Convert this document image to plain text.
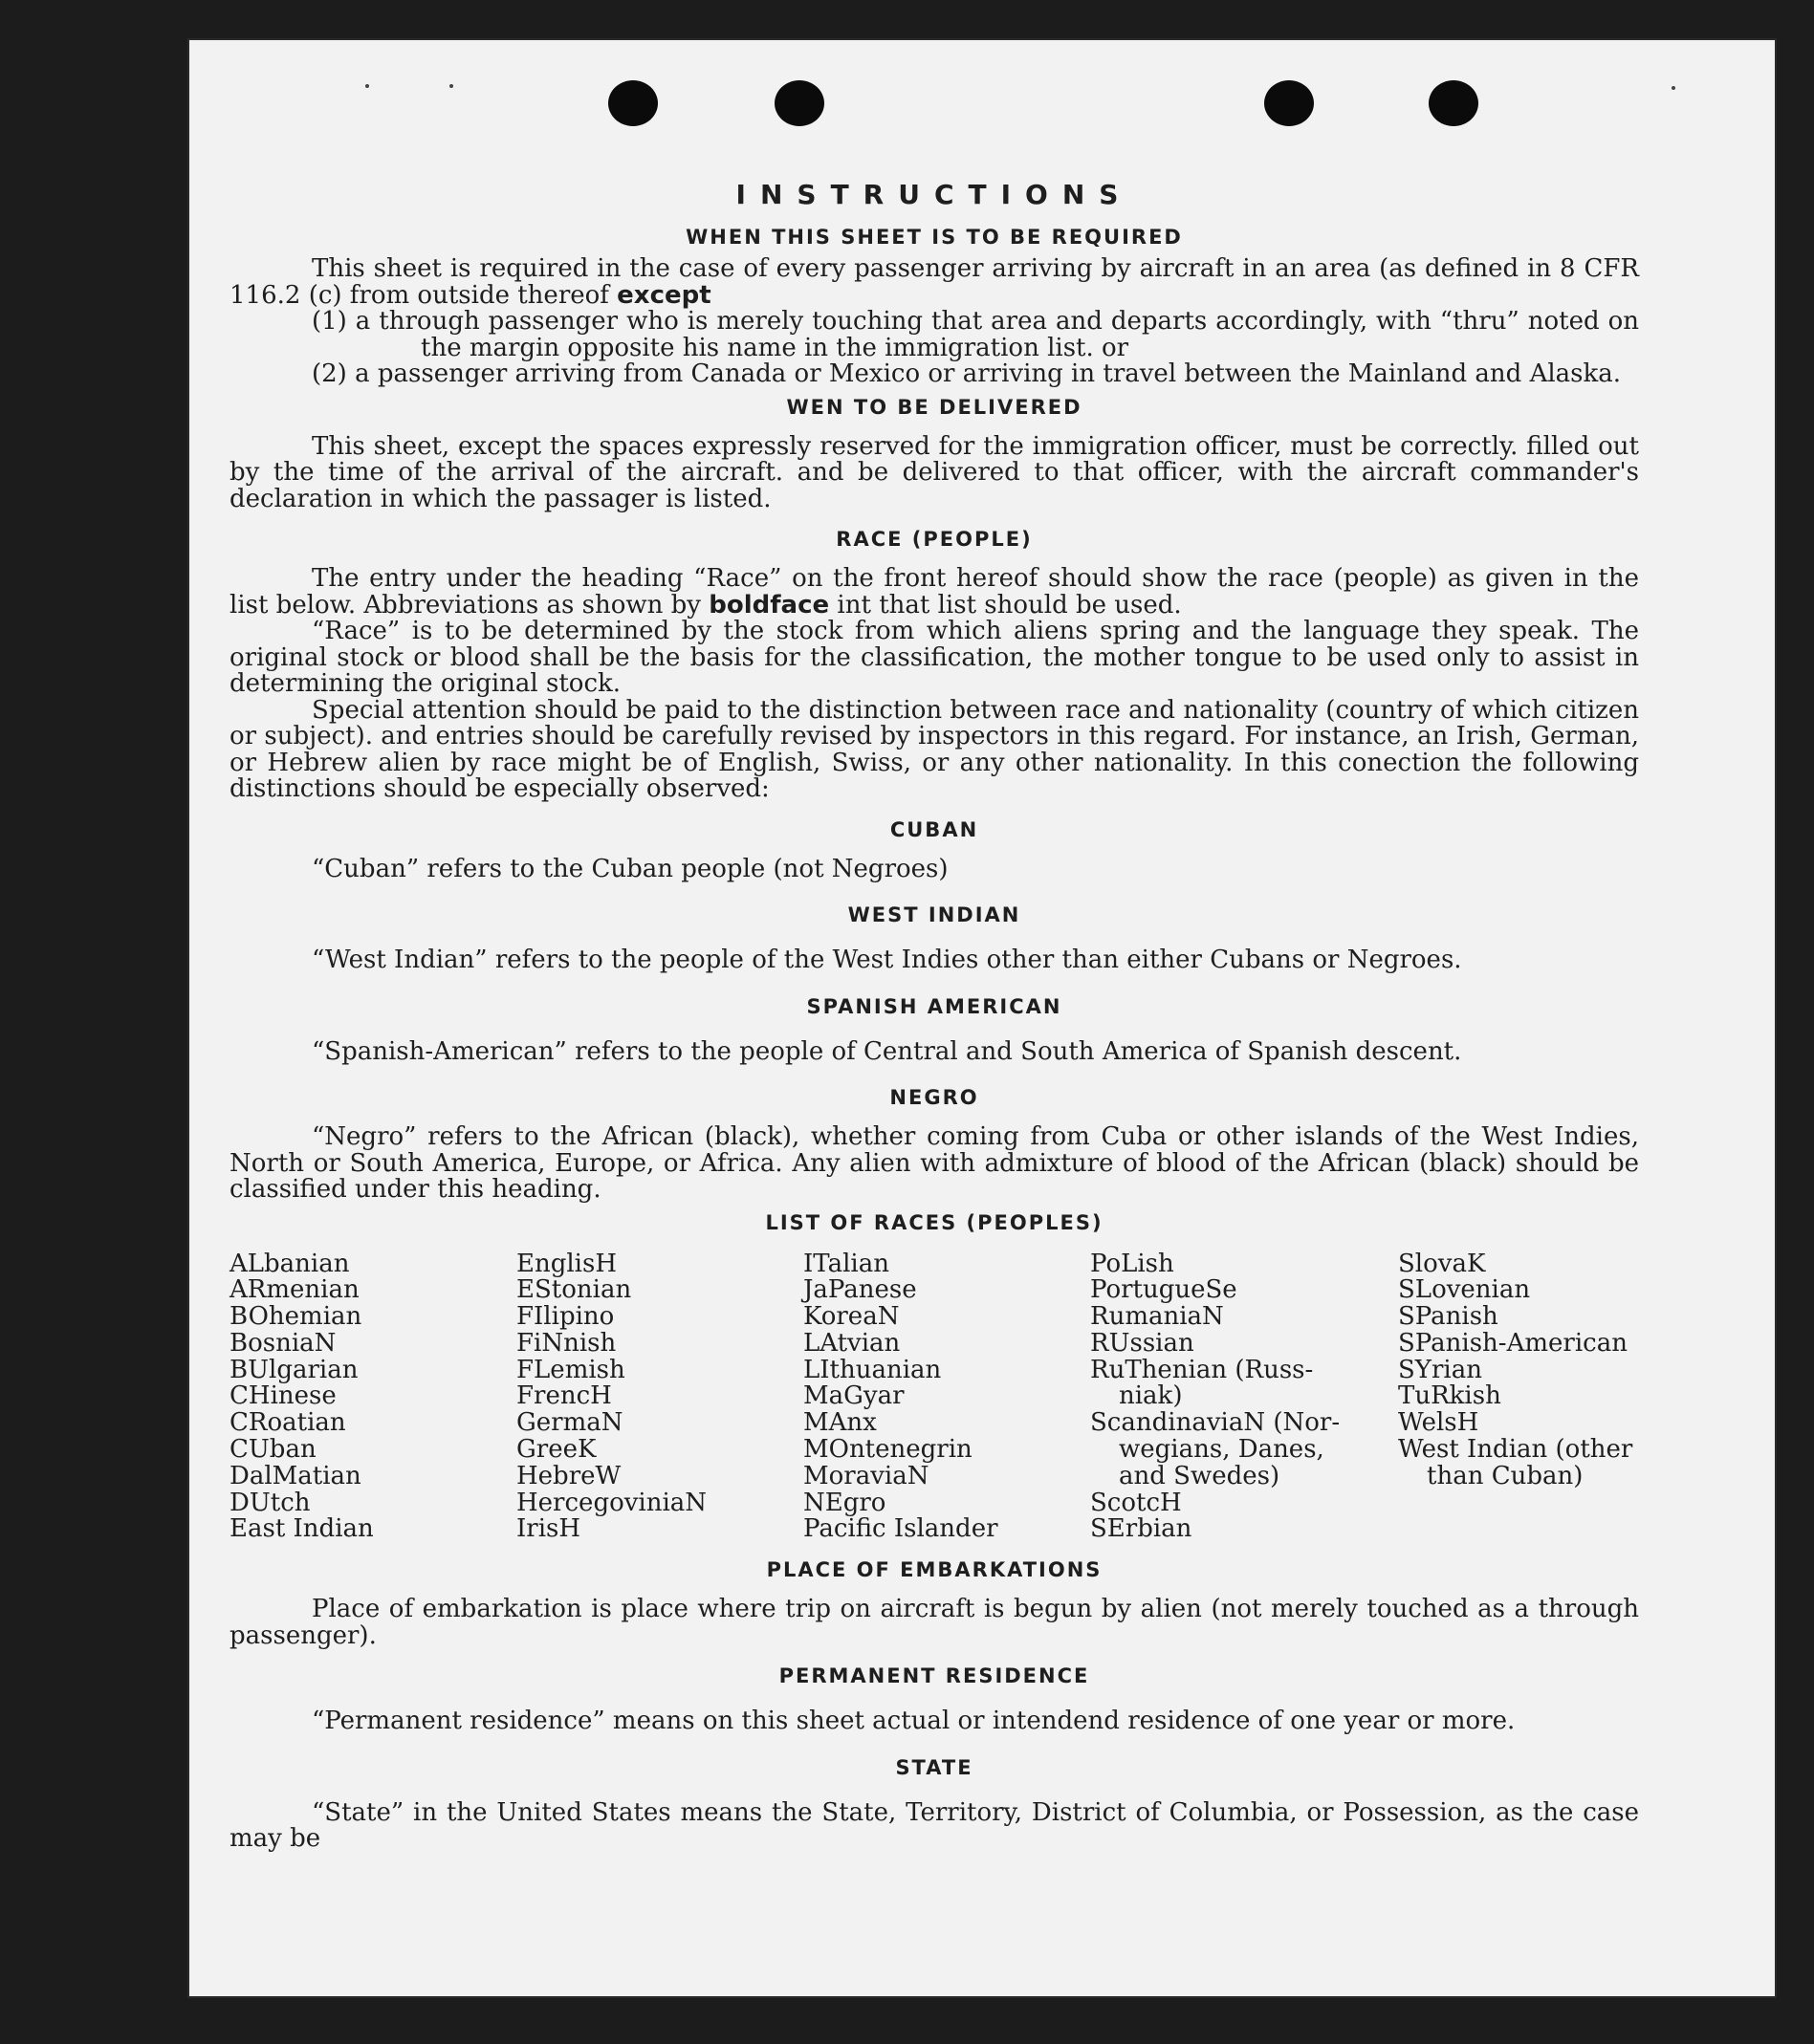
INSTRUCTIONS
WHEN THIS SHEET IS TO BE REQUIRED

This sheet is required in the case of every passenger arriving by aircraft in an area (as defined in 8 CFR 116.2 (c) from outside thereof except

(1) a through passenger who is merely touching that area and departs accordingly, with “thru” noted on the margin opposite his name in the immigration list. or

(2) a passenger arriving from Canada or Mexico or arriving in travel between the Mainland and Alaska.

WEN TO BE DELIVERED

This sheet, except the spaces expressly reserved for the immigration officer, must be correctly. filled out by the time of the arrival of the aircraft. and be delivered to that officer, with the aircraft commander's declaration in which the passager is listed.

RACE (PEOPLE)

The entry under the heading “Race” on the front hereof should show the race (people) as given in the list below. Abbreviations as shown by boldface int that list should be used.

“Race” is to be determined by the stock from which aliens spring and the language they speak. The original stock or blood shall be the basis for the classification, the mother tongue to be used only to assist in determining the original stock.

Special attention should be paid to the distinction between race and nationality (country of which citizen or subject). and entries should be carefully revised by inspectors in this regard. For instance, an Irish, German, or Hebrew alien by race might be of English, Swiss, or any other nationality. In this conection the following distinctions should be especially observed:

CUBAN

“Cuban” refers to the Cuban people (not Negroes)

WEST INDIAN

“West Indian” refers to the people of the West Indies other than either Cubans or Negroes.

SPANISH AMERICAN

“Spanish-American” refers to the people of Central and South America of Spanish descent.

NEGRO

“Negro” refers to the African (black), whether coming from Cuba or other islands of the West Indies, North or South America, Europe, or Africa. Any alien with admixture of blood of the African (black) should be classified under this heading.

LIST OF RACES (PEOPLES)
ALbanian
ARmenian
BOhemian
BosniaN
BUlgarian
CHinese
CRoatian
CUban
DalMatian
DUtch
East Indian
EnglisH
EStonian
FIlipino
FiNnish
FLemish
FrencH
GermaN
GreeK
HebreW
HercegoviniaN
IrisH
ITalian
JaPanese
KoreaN
LAtvian
LIthuanian
MaGyar
MAnx
MOntenegrin
MoraviaN
NEgro
Pacific Islander
PoLish
PortugueSe
RumaniaN
RUssian
RuThenian (Russ-
niak)
ScandinaviaN (Nor-
wegians, Danes,
and Swedes)
ScotcH
SErbian
SlovaK
SLovenian
SPanish
SPanish-American
SYrian
TuRkish
WelsH
West Indian (other
than Cuban)
PLACE OF EMBARKATIONS

Place of embarkation is place where trip on aircraft is begun by alien (not merely touched as a through passenger).

PERMANENT RESIDENCE

“Permanent residence” means on this sheet actual or intendend residence of one year or more.

STATE

“State” in the United States means the State, Territory, District of Columbia, or Possession, as the case may be
